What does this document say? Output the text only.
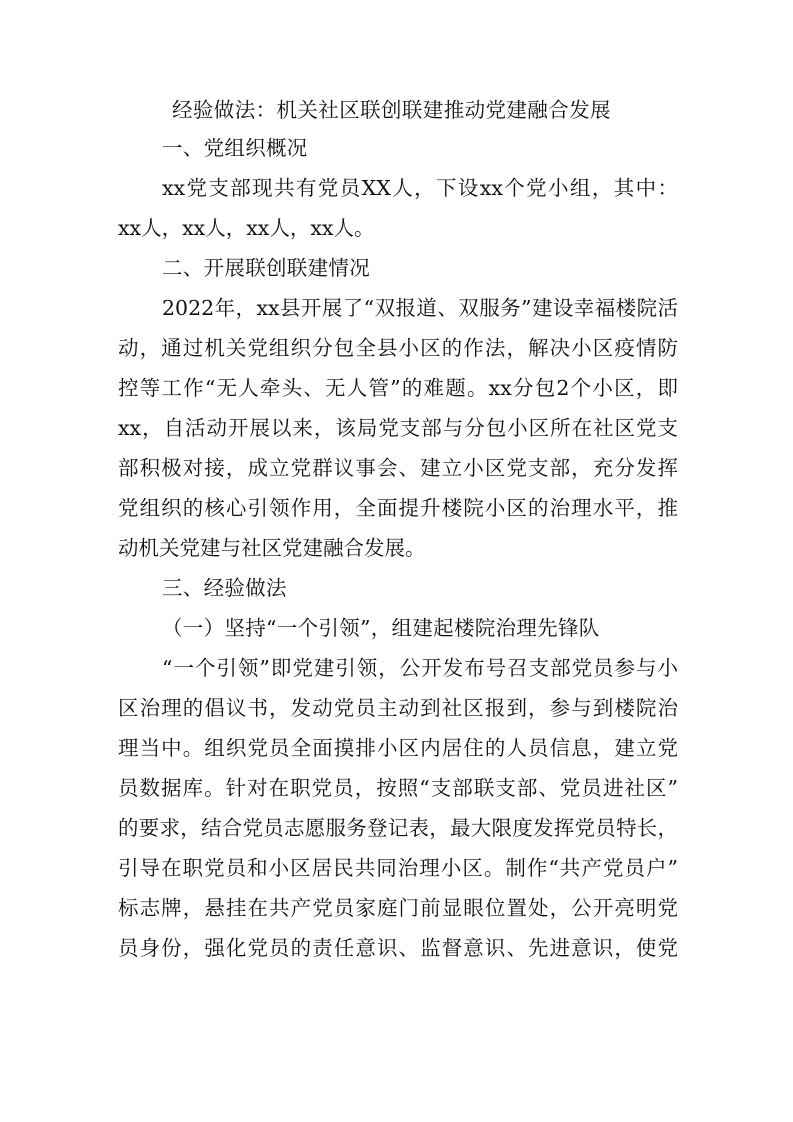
经验做法：机关社区联创联建推动党建融合发展
一、党组织概况
xx党支部现共有党员XX人，下设xx个党小组，其中：
xx人，xx人，xx人，xx人。
二、开展联创联建情况
2022年，xx县开展了“双报道、双服务”建设幸福楼院活
动，通过机关党组织分包全县小区的作法，解决小区疫情防
控等工作“无人牵头、无人管”的难题。xx分包2个小区，即
xx，自活动开展以来，该局党支部与分包小区所在社区党支
部积极对接，成立党群议事会、建立小区党支部，充分发挥
党组织的核心引领作用，全面提升楼院小区的治理水平，推
动机关党建与社区党建融合发展。
三、经验做法
（一）坚持“一个引领”，组建起楼院治理先锋队
“一个引领”即党建引领，公开发布号召支部党员参与小
区治理的倡议书，发动党员主动到社区报到，参与到楼院治
理当中。组织党员全面摸排小区内居住的人员信息，建立党
员数据库。针对在职党员，按照“支部联支部、党员进社区”
的要求，结合党员志愿服务登记表，最大限度发挥党员特长，
引导在职党员和小区居民共同治理小区。制作“共产党员户”
标志牌，悬挂在共产党员家庭门前显眼位置处，公开亮明党
员身份，强化党员的责任意识、监督意识、先进意识，使党
